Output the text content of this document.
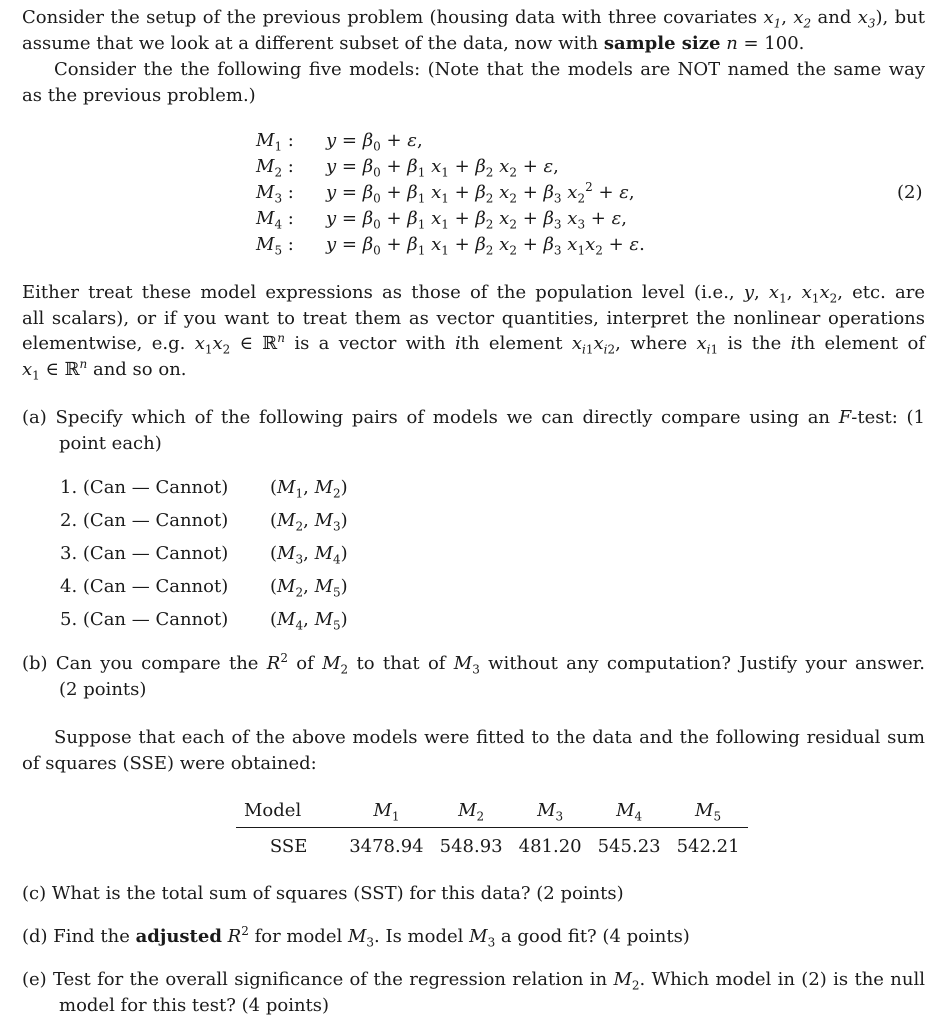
Consider the setup of the previous problem (housing data with three covariates $x_1$, $x_2$ and $x_3$), but
assume that we look at a different subset of the data, now with sample size n = 100.
Consider the the following five models: (Note that the models are NOT named the same way
as the previous problem.)
$M_1$ : $y = \beta_0 + \varepsilon$,
$M_2$ : $y = \beta_0 + \beta_1$ $x_1 + \beta_2$ $x_2 + \varepsilon$,
$M_3$ : $y = \beta_0 + \beta_1$ $x_1 + \beta_2$ $x_2 + \beta_3$ $x_2^2 + \varepsilon$,
$M_4$ : $y = \beta_0 + \beta_1$ $x_1 + \beta_2$ $x_2 + \beta_3$ $x_3 + \varepsilon$,
$M_5$ : $y = \beta_0 + \beta_1$ $x_1 + \beta_2$ $x_2 + \beta_3$ $x_1x_2 + \varepsilon$.
(2)
Either treat these model expressions as those of the population level (i.e., y, $x_1$, $x_1x_2$, etc. are
all scalars), or if you want to treat them as vector quantities, interpret the nonlinear operations
elementwise, e.g. $x_1x_2$ ∈ ℝ$^n$ is a vector with ith element $x_{i1}x_{i2}$, where $x_{i1}$ is the ith element of
$x_1$ ∈ ℝ$^n$ and so on.
(a) Specify which of the following pairs of models we can directly compare using an F-test: (1
point each)
1. (Can — Cannot) ($M_1$, $M_2$)
2. (Can — Cannot) ($M_2$, $M_3$)
3. (Can — Cannot) ($M_3$, $M_4$)
4. (Can — Cannot) ($M_2$, $M_5$)
5. (Can — Cannot) ($M_4$, $M_5$)
(b) Can you compare the $R^2$ of $M_2$ to that of $M_3$ without any computation? Justify your answer.
(2 points)
Suppose that each of the above models were fitted to the data and the following residual sum
of squares (SSE) were obtained:
Model	$M_1$	$M_2$	$M_3$	$M_4$	$M_5$
SSE	3478.94	548.93	481.20	545.23	542.21
(c) What is the total sum of squares (SST) for this data? (2 points)
(d) Find the adjusted $R^2$ for model $M_3$. Is model $M_3$ a good fit? (4 points)
(e) Test for the overall significance of the regression relation in $M_2$. Which model in (2) is the null
model for this test? (4 points)
